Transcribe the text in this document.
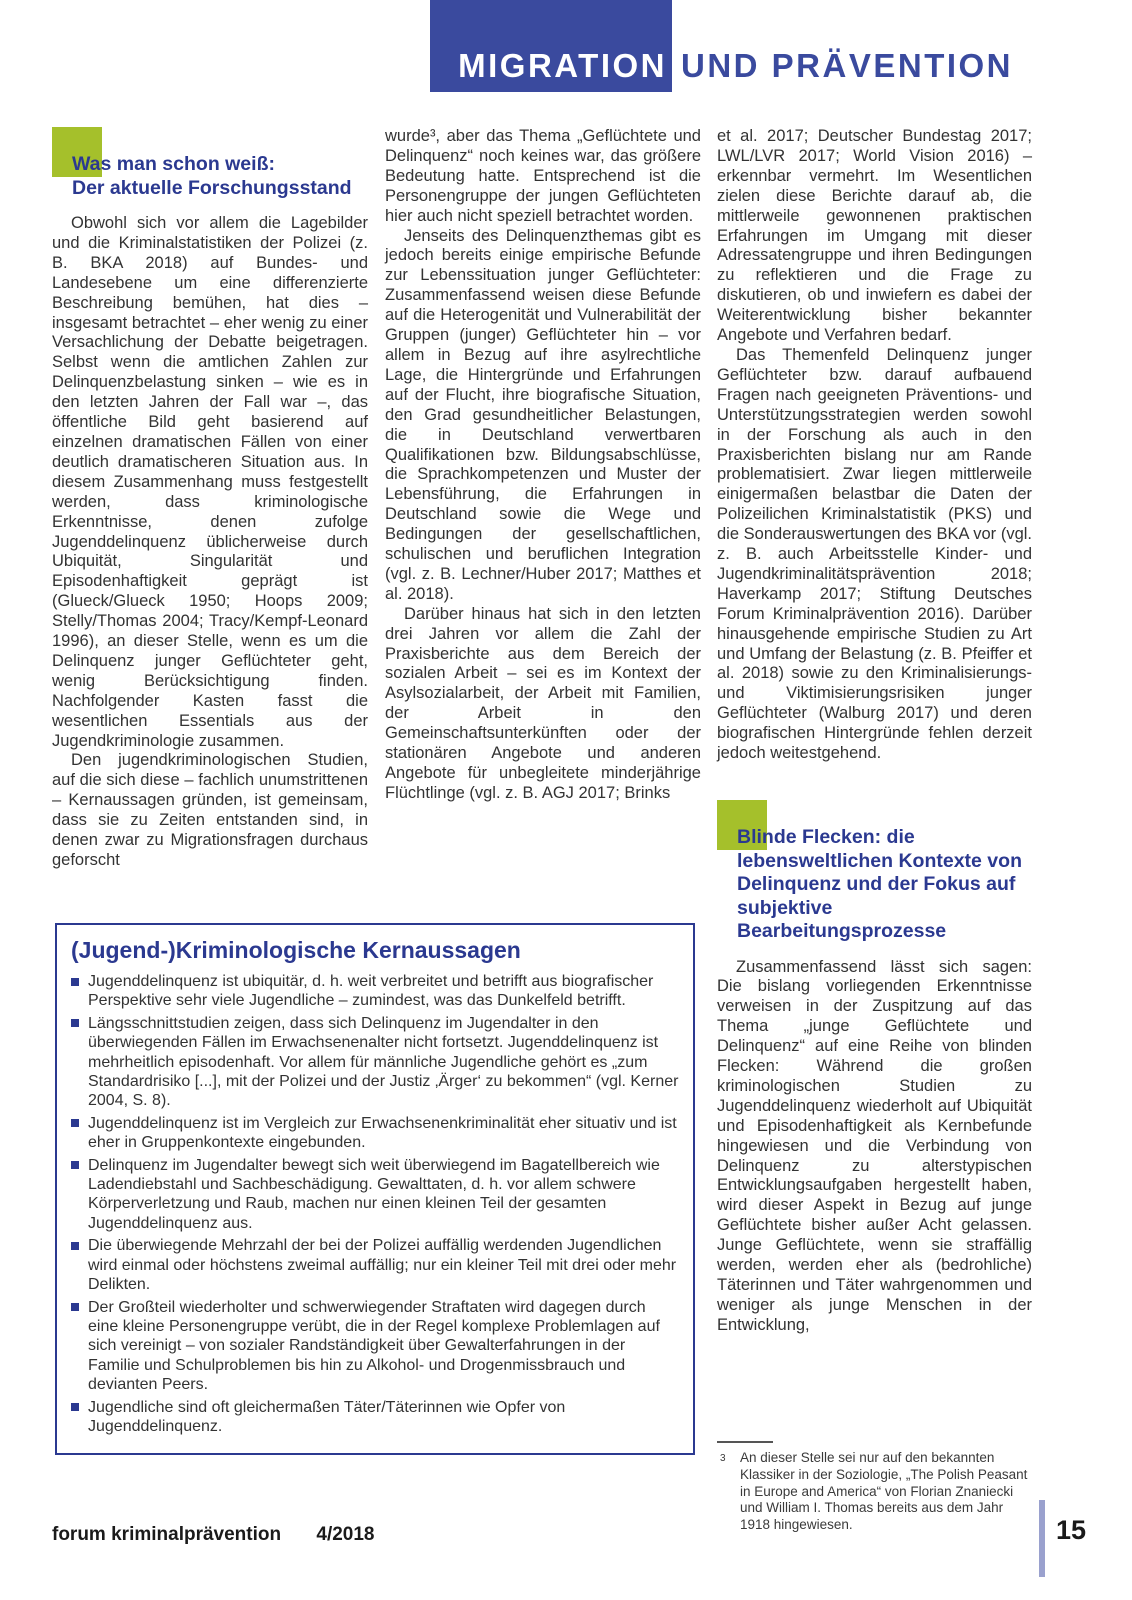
MIGRATION UND PRÄVENTION
Was man schon weiß:
Der aktuelle Forschungsstand

Obwohl sich vor allem die Lagebilder und die Kriminalstatistiken der Polizei (z. B. BKA 2018) auf Bundes- und Landesebene um eine differenzierte Beschreibung bemühen, hat dies – insgesamt betrachtet – eher wenig zu einer Versachlichung der Debatte beigetragen. Selbst wenn die amtlichen Zahlen zur Delinquenzbelastung sinken – wie es in den letzten Jahren der Fall war –, das öffentliche Bild geht basierend auf einzelnen dramatischen Fällen von einer deutlich dramatischeren Situation aus. In diesem Zusammenhang muss festgestellt werden, dass kriminologische Erkenntnisse, denen zufolge Jugenddelinquenz üblicherweise durch Ubiquität, Singularität und Episodenhaftigkeit geprägt ist (Glueck/Glueck 1950; Hoops 2009; Stelly/Thomas 2004; Tracy/Kempf-Leonard 1996), an dieser Stelle, wenn es um die Delinquenz junger Geflüchteter geht, wenig Berücksichtigung finden. Nachfolgender Kasten fasst die wesentlichen Essentials aus der Jugendkriminologie zusammen.

Den jugendkriminologischen Studien, auf die sich diese – fachlich unumstrittenen – Kernaussagen gründen, ist gemeinsam, dass sie zu Zeiten entstanden sind, in denen zwar zu Migrationsfragen durchaus geforscht

wurde³, aber das Thema „Geflüchtete und Delinquenz“ noch keines war, das größere Bedeutung hatte. Entsprechend ist die Personengruppe der jungen Geflüchteten hier auch nicht speziell betrachtet worden.

Jenseits des Delinquenzthemas gibt es jedoch bereits einige empirische Befunde zur Lebenssituation junger Geflüchteter: Zusammenfassend weisen diese Befunde auf die Heterogenität und Vulnerabilität der Gruppen (junger) Geflüchteter hin – vor allem in Bezug auf ihre asylrechtliche Lage, die Hintergründe und Erfahrungen auf der Flucht, ihre biografische Situation, den Grad gesundheitlicher Belastungen, die in Deutschland verwertbaren Qualifikationen bzw. Bildungsabschlüsse, die Sprachkompetenzen und Muster der Lebensführung, die Erfahrungen in Deutschland sowie die Wege und Bedingungen der gesellschaftlichen, schulischen und beruflichen Integration (vgl. z. B. Lechner/Huber 2017; Matthes et al. 2018).

Darüber hinaus hat sich in den letzten drei Jahren vor allem die Zahl der Praxisberichte aus dem Bereich der sozialen Arbeit – sei es im Kontext der Asylsozialarbeit, der Arbeit mit Familien, der Arbeit in den Gemeinschaftsunterkünften oder der stationären Angebote und anderen Angebote für unbegleitete minderjährige Flüchtlinge (vgl. z. B. AGJ 2017; Brinks

et al. 2017; Deutscher Bundestag 2017; LWL/LVR 2017; World Vision 2016) – erkennbar vermehrt. Im Wesentlichen zielen diese Berichte darauf ab, die mittlerweile gewonnenen praktischen Erfahrungen im Umgang mit dieser Adressatengruppe und ihren Bedingungen zu reflektieren und die Frage zu diskutieren, ob und inwiefern es dabei der Weiterentwicklung bisher bekannter Angebote und Verfahren bedarf.

Das Themenfeld Delinquenz junger Geflüchteter bzw. darauf aufbauend Fragen nach geeigneten Präventions- und Unterstützungsstrategien werden sowohl in der Forschung als auch in den Praxisberichten bislang nur am Rande problematisiert. Zwar liegen mittlerweile einigermaßen belastbar die Daten der Polizeilichen Kriminalstatistik (PKS) und die Sonderauswertungen des BKA vor (vgl. z. B. auch Arbeitsstelle Kinder- und Jugendkriminalitätsprävention 2018; Haverkamp 2017; Stiftung Deutsches Forum Kriminalprävention 2016). Darüber hinausgehende empirische Studien zu Art und Umfang der Belastung (z. B. Pfeiffer et al. 2018) sowie zu den Kriminalisierungs- und Viktimisierungsrisiken junger Geflüchteter (Walburg 2017) und deren biografischen Hintergründe fehlen derzeit jedoch weitestgehend.

Blinde Flecken: die lebensweltlichen Kontexte von Delinquenz und der Fokus auf subjektive Bearbeitungsprozesse

Zusammenfassend lässt sich sagen: Die bislang vorliegenden Erkenntnisse verweisen in der Zuspitzung auf das Thema „junge Geflüchtete und Delinquenz“ auf eine Reihe von blinden Flecken: Während die großen kriminologischen Studien zu Jugenddelinquenz wiederholt auf Ubiquität und Episodenhaftigkeit als Kernbefunde hingewiesen und die Verbindung von Delinquenz zu alterstypischen Entwicklungsaufgaben hergestellt haben, wird dieser Aspekt in Bezug auf junge Geflüchtete bisher außer Acht gelassen. Junge Geflüchtete, wenn sie straffällig werden, werden eher als (bedrohliche) Täterinnen und Täter wahrgenommen und weniger als junge Menschen in der Entwicklung,

(Jugend-)Kriminologische Kernaussagen
Jugenddelinquenz ist ubiquitär, d. h. weit verbreitet und betrifft aus biografischer Perspektive sehr viele Jugendliche – zumindest, was das Dunkelfeld betrifft.
Längsschnittstudien zeigen, dass sich Delinquenz im Jugendalter in den überwiegenden Fällen im Erwachsenenalter nicht fortsetzt. Jugenddelinquenz ist mehrheitlich episodenhaft. Vor allem für männliche Jugendliche gehört es „zum Standardrisiko [...], mit der Polizei und der Justiz ‚Ärger‘ zu bekommen“ (vgl. Kerner 2004, S. 8).
Jugenddelinquenz ist im Vergleich zur Erwachsenenkriminalität eher situativ und ist eher in Gruppenkontexte eingebunden.
Delinquenz im Jugendalter bewegt sich weit überwiegend im Bagatellbereich wie Ladendiebstahl und Sachbeschädigung. Gewalttaten, d. h. vor allem schwere Körperverletzung und Raub, machen nur einen kleinen Teil der gesamten Jugenddelinquenz aus.
Die überwiegende Mehrzahl der bei der Polizei auffällig werdenden Jugendlichen wird einmal oder höchstens zweimal auffällig; nur ein kleiner Teil mit drei oder mehr Delikten.
Der Großteil wiederholter und schwerwiegender Straftaten wird dagegen durch eine kleine Personengruppe verübt, die in der Regel komplexe Problemlagen auf sich vereinigt – von sozialer Randständigkeit über Gewalterfahrungen in der Familie und Schulproblemen bis hin zu Alkohol- und Drogenmissbrauch und devianten Peers.
Jugendliche sind oft gleichermaßen Täter/Täterinnen wie Opfer von Jugenddelinquenz.
3 An dieser Stelle sei nur auf den bekannten Klassiker in der Soziologie, „The Polish Peasant in Europe and America“ von Florian Znaniecki und William I. Thomas bereits aus dem Jahr 1918 hingewiesen.
forum kriminalprävention 4/2018	15
